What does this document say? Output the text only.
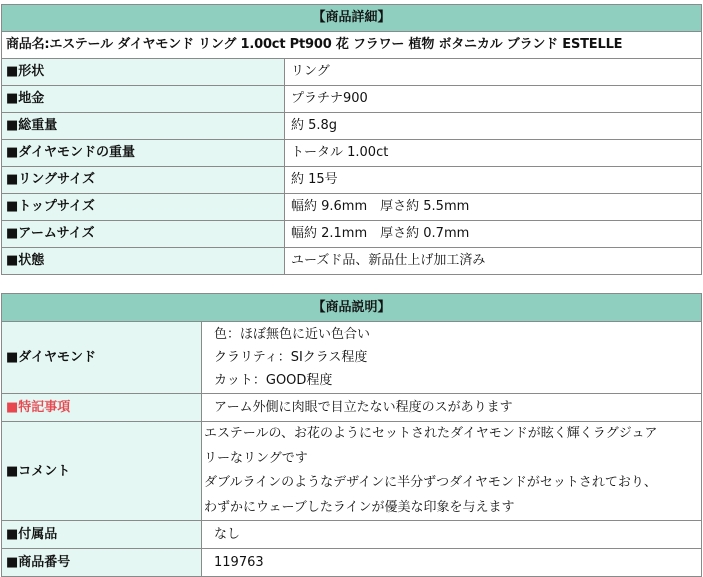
【商品詳細】	
商品名:エステール ダイヤモンド リング 1.00ct Pt900 花 フラワー 植物 ボタニカル ブランド ESTELLE	
■形状	リング
■地金	プラチナ900
■総重量	約 5.8g
■ダイヤモンドの重量	トータル 1.00ct
■リングサイズ	約 15号
■トップサイズ	幅約 9.6mm　厚さ約 5.5mm
■アームサイズ	幅約 2.1mm　厚さ約 0.7mm
■状態	ユーズド品、新品仕上げ加工済み
【商品説明】	
■ダイヤモンド	色：ほぼ無色に近い色合い
クラリティ：SIクラス程度
カット：GOOD程度

■特記事項	アーム外側に肉眼で目立たない程度のスがあります
■コメント	エステールの、お花のようにセットされたダイヤモンドが眩く輝くラグジュア
リーなリングです
ダブルラインのようなデザインに半分ずつダイヤモンドがセットされており、
わずかにウェーブしたラインが優美な印象を与えます

■付属品	なし
■商品番号	119763
